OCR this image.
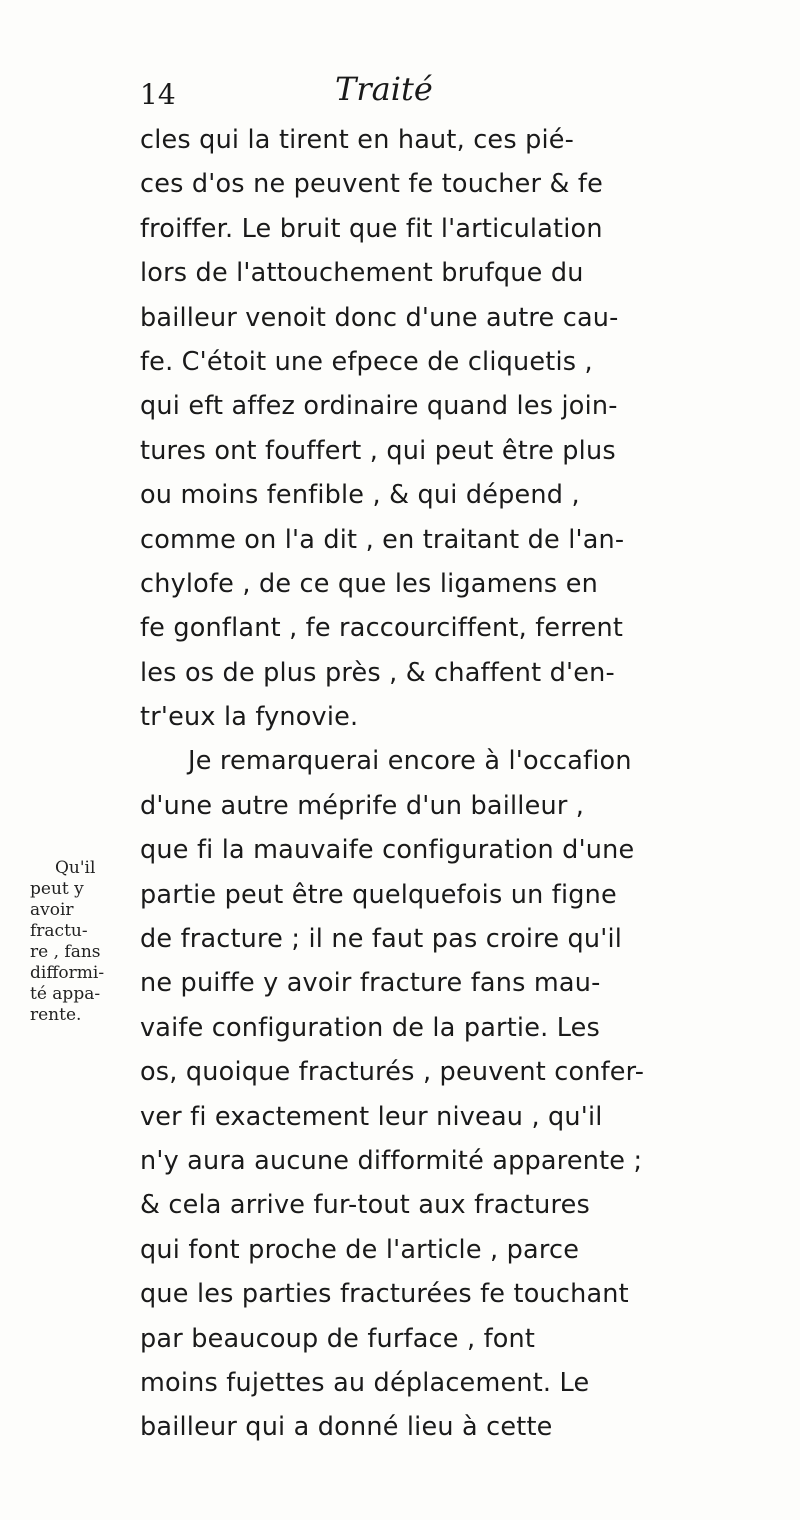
14	Traité
cles qui la tirent en haut, ces pié-
ces d'os ne peuvent fe toucher & fe
froiffer. Le bruit que fit l'articulation
lors de l'attouchement brufque du
bailleur venoit donc d'une autre cau-
fe. C'étoit une efpece de cliquetis ,
qui eft affez ordinaire quand les join-
tures ont fouffert , qui peut être plus
ou moins fenfible , & qui dépend ,
comme on l'a dit , en traitant de l'an-
chylofe , de ce que les ligamens en
fe gonflant , fe raccourciffent, ferrent
les os de plus près , & chaffent d'en-
tr'eux la fynovie.
Je remarquerai encore à l'occafion
d'une autre méprife d'un bailleur ,
que fi la mauvaife configuration d'une
partie peut être quelquefois un figne
de fracture ; il ne faut pas croire qu'il
ne puiffe y avoir fracture fans mau-
vaife configuration de la partie. Les
os, quoique fracturés , peuvent confer-
ver fi exactement leur niveau , qu'il
n'y aura aucune difformité apparente ;
& cela arrive fur-tout aux fractures
qui font proche de l'article , parce
que les parties fracturées fe touchant
par beaucoup de furface , font
moins fujettes au déplacement. Le
bailleur qui a donné lieu à cette
Qu'il
peut y
avoir
fractu-
re , fans
difformi-
té appa-
rente.
